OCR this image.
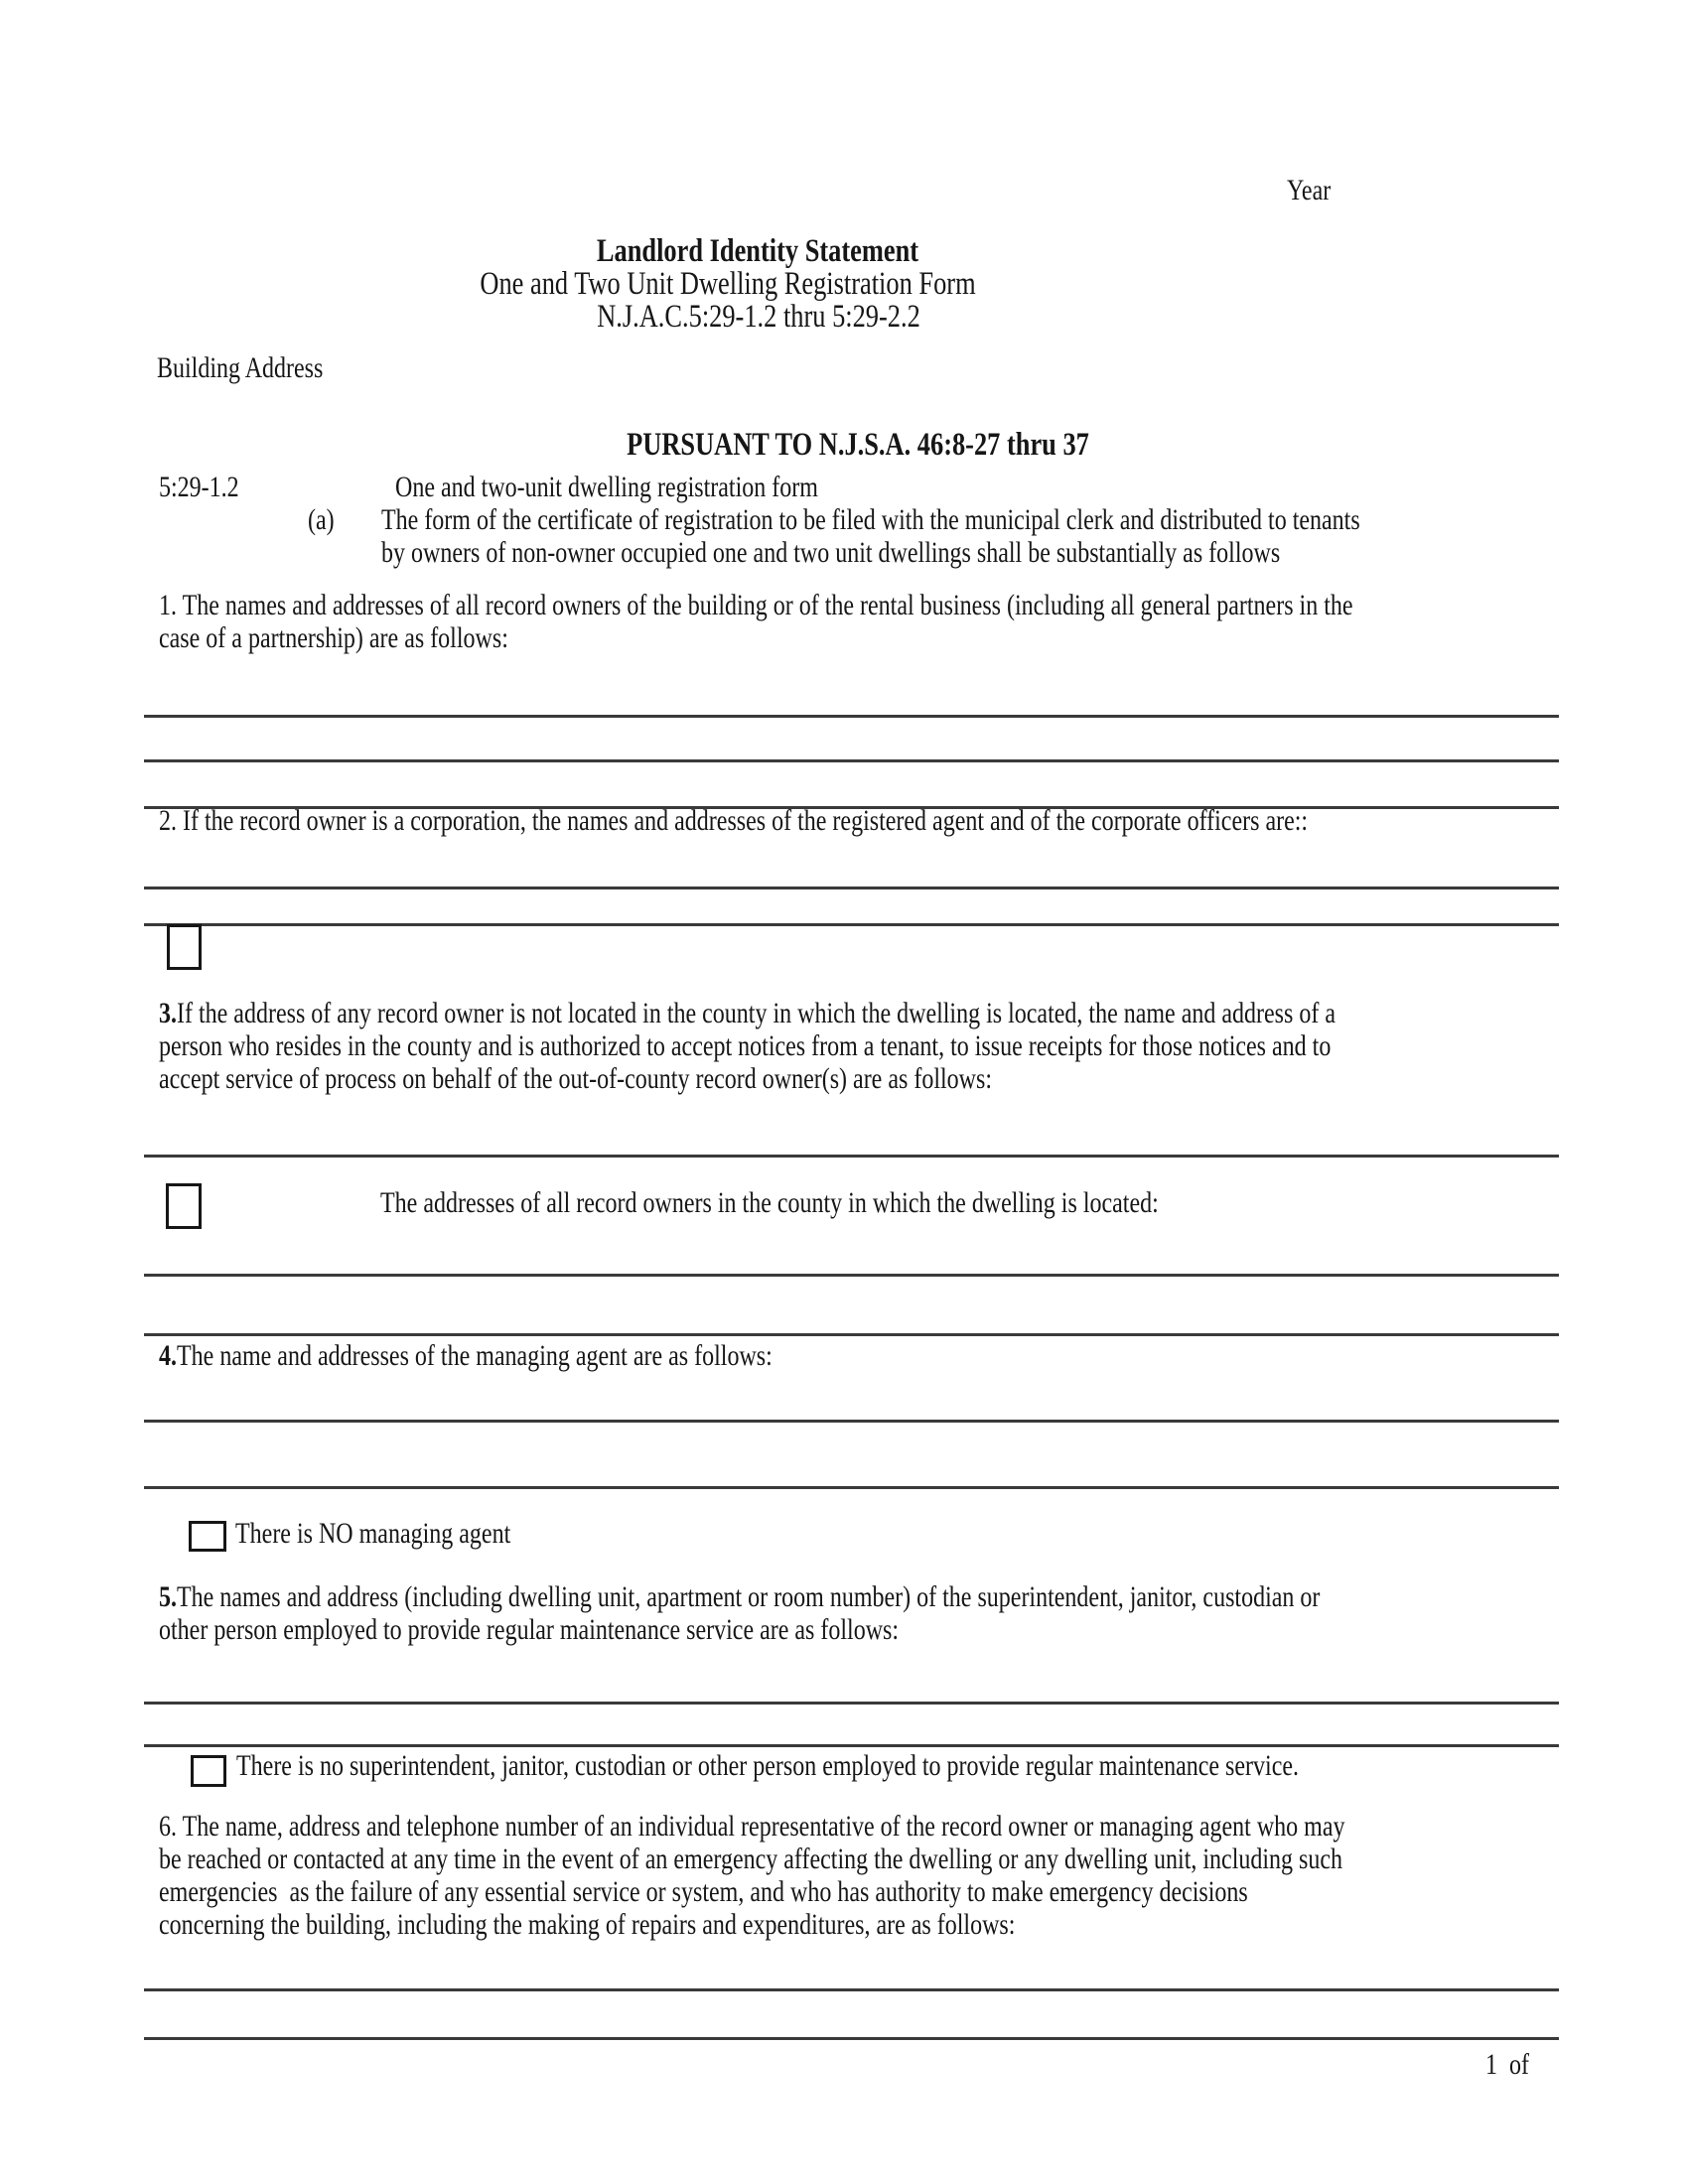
Year
Landlord Identity Statement
One and Two Unit Dwelling Registration Form
N.J.A.C.5:29-1.2 thru 5:29-2.2
Building Address
PURSUANT TO N.J.S.A. 46:8-27 thru 37
5:29-1.2	One and two-unit dwelling registration form
(a) The form of the certificate of registration to be filed with the municipal clerk and distributed to tenants
by owners of non-owner occupied one and two unit dwellings shall be substantially as follows
1. The names and addresses of all record owners of the building or of the rental business (including all general partners in the
case of a partnership) are as follows:
2. If the record owner is a corporation, the names and addresses of the registered agent and of the corporate officers are::
3.If the address of any record owner is not located in the county in which the dwelling is located, the name and address of a
person who resides in the county and is authorized to accept notices from a tenant, to issue receipts for those notices and to
accept service of process on behalf of the out-of-county record owner(s) are as follows:
The addresses of all record owners in the county in which the dwelling is located:
4.The name and addresses of the managing agent are as follows:
There is NO managing agent
5.The names and address (including dwelling unit, apartment or room number) of the superintendent, janitor, custodian or
other person employed to provide regular maintenance service are as follows:
There is no superintendent, janitor, custodian or other person employed to provide regular maintenance service.
6. The name, address and telephone number of an individual representative of the record owner or managing agent who may
be reached or contacted at any time in the event of an emergency affecting the dwelling or any dwelling unit, including such
emergencies  as the failure of any essential service or system, and who has authority to make emergency decisions
concerning the building, including the making of repairs and expenditures, are as follows:
1  of
